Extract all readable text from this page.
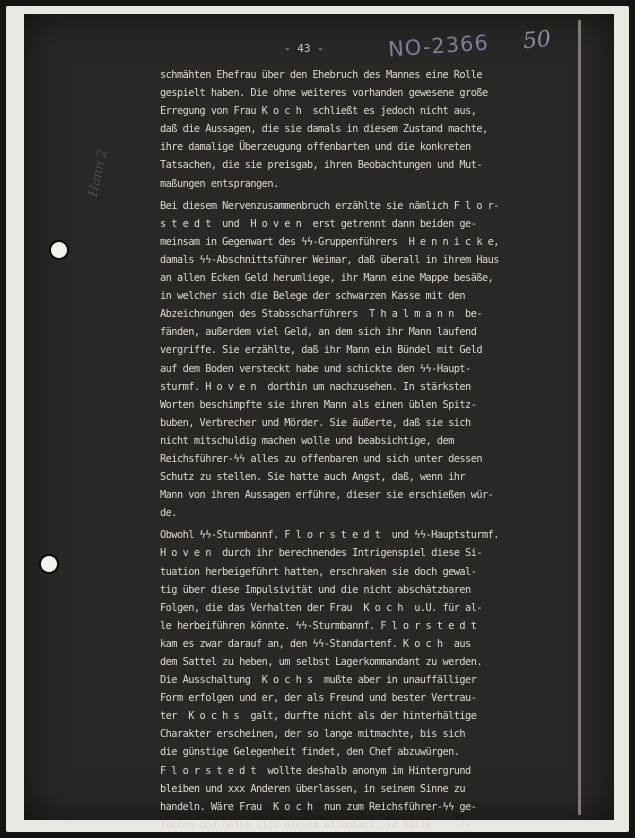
- 43 -	NO-2366 50
Hann 2
schmähten Ehefrau über den Ehebruch des Mannes eine Rolle
gespielt haben. Die ohne weiteres vorhanden gewesene große
Erregung von Frau K o c h  schließt es jedoch nicht aus,
daß die Aussagen, die sie damals in diesem Zustand machte,
ihre damalige Überzeugung offenbarten und die konkreten
Tatsachen, die sie preisgab, ihren Beobachtungen und Mut-
maßungen entsprangen.
Bei diesem Nervenzusammenbruch erzählte sie nämlich F l o r-
s t e d t  und  H o v e n  erst getrennt dann beiden ge-
meinsam in Gegenwart des ϟϟ-Gruppenführers  H e n n i c k e,
damals ϟϟ-Abschnittsführer Weimar, daß überall in ihrem Haus
an allen Ecken Geld herumliege, ihr Mann eine Mappe besäße,
in welcher sich die Belege der schwarzen Kasse mit den
Abzeichnungen des Stabsscharführers  T h a l m a n n  be-
fänden, außerdem viel Geld, an dem sich ihr Mann laufend
vergriffe. Sie erzählte, daß ihr Mann ein Bündel mit Geld
auf dem Boden versteckt habe und schickte den ϟϟ-Haupt-
sturmf. H o v e n  dorthin um nachzusehen. In stärksten
Worten beschimpfte sie ihren Mann als einen üblen Spitz-
buben, Verbrecher und Mörder. Sie äußerte, daß sie sich
nicht mitschuldig machen wolle und beabsichtige, dem
Reichsführer-ϟϟ alles zu offenbaren und sich unter dessen
Schutz zu stellen. Sie hatte auch Angst, daß, wenn ihr
Mann von ihren Aussagen erführe, dieser sie erschießen wür-
de.
Obwohl ϟϟ-Sturmbannf. F l o r s t e d t  und ϟϟ-Hauptsturmf.
H o v e n  durch ihr berechnendes Intrigenspiel diese Si-
tuation herbeigeführt hatten, erschraken sie doch gewal-
tig über diese Impulsivität und die nicht abschätzbaren
Folgen, die das Verhalten der Frau  K o c h  u.U. für al-
le herbeiführen könnte. ϟϟ-Sturmbannf. F l o r s t e d t
kam es zwar darauf an, den ϟϟ-Standartenf. K o c h  aus
dem Sattel zu heben, um selbst Lagerkommandant zu werden.
Die Ausschaltung  K o c h s  mußte aber in unauffälliger
Form erfolgen und er, der als Freund und bester Vertrau-
ter  K o c h s  galt, durfte nicht als der hinterhältige
Charakter erscheinen, der so lange mitmachte, bis sich
die günstige Gelegenheit findet, den Chef abzuwürgen.
F l o r s t e d t  wollte deshalb anonym im Hintergrund
bleiben und xxx Anderen überlassen, in seinem Sinne zu
handeln. Wäre Frau  K o c h  nun zum Reichsführer-ϟϟ ge-
fahren und hätte sich diesem offenbart, so hätte    -/-
